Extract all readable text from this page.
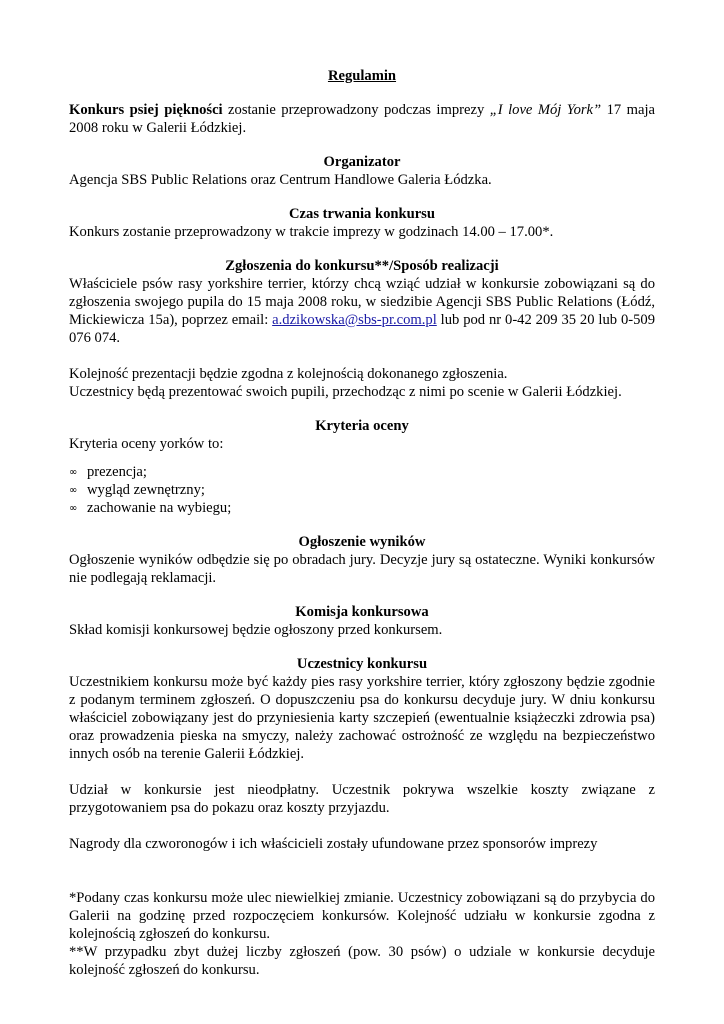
Regulamin

Konkurs psiej piękności zostanie przeprowadzony podczas imprezy „I love Mój York” 17 maja 2008 roku w Galerii Łódzkiej.

Organizator

Agencja SBS Public Relations oraz Centrum Handlowe Galeria Łódzka.

Czas trwania konkursu

Konkurs zostanie przeprowadzony w trakcie imprezy w godzinach 14.00 – 17.00*.

Zgłoszenia do konkursu**/Sposób realizacji

Właściciele psów rasy yorkshire terrier, którzy chcą wziąć udział w konkursie zobowiązani są do zgłoszenia swojego pupila do 15 maja 2008 roku, w siedzibie Agencji SBS Public Relations (Łódź, Mickiewicza 15a), poprzez email: a.dzikowska@sbs-pr.com.pl lub pod nr 0-42 209 35 20 lub 0-509 076 074.

Kolejność prezentacji będzie zgodna z kolejnością dokonanego zgłoszenia.

Uczestnicy będą prezentować swoich pupili, przechodząc z nimi po scenie w Galerii Łódzkiej.

Kryteria oceny

Kryteria oceny yorków to:

∞ prezencja;
∞ wygląd zewnętrzny;
∞ zachowanie na wybiegu;
Ogłoszenie wyników

Ogłoszenie wyników odbędzie się po obradach jury. Decyzje jury są ostateczne. Wyniki konkursów nie podlegają reklamacji.

Komisja konkursowa

Skład komisji konkursowej będzie ogłoszony przed konkursem.

Uczestnicy konkursu

Uczestnikiem konkursu może być każdy pies rasy yorkshire terrier, który zgłoszony będzie zgodnie z podanym terminem zgłoszeń. O dopuszczeniu psa do konkursu decyduje jury. W dniu konkursu właściciel zobowiązany jest do przyniesienia karty szczepień (ewentualnie książeczki zdrowia psa) oraz prowadzenia pieska na smyczy, należy zachować ostrożność ze względu na bezpieczeństwo innych osób na terenie Galerii Łódzkiej.

Udział w konkursie jest nieodpłatny. Uczestnik pokrywa wszelkie koszty związane z przygotowaniem psa do pokazu oraz koszty przyjazdu.

Nagrody dla czworonogów i ich właścicieli zostały ufundowane przez sponsorów imprezy

*Podany czas konkursu może ulec niewielkiej zmianie. Uczestnicy zobowiązani są do przybycia do Galerii na godzinę przed rozpoczęciem konkursów. Kolejność udziału w konkursie zgodna z kolejnością zgłoszeń do konkursu.

**W przypadku zbyt dużej liczby zgłoszeń (pow. 30 psów) o udziale w konkursie decyduje kolejność zgłoszeń do konkursu.
